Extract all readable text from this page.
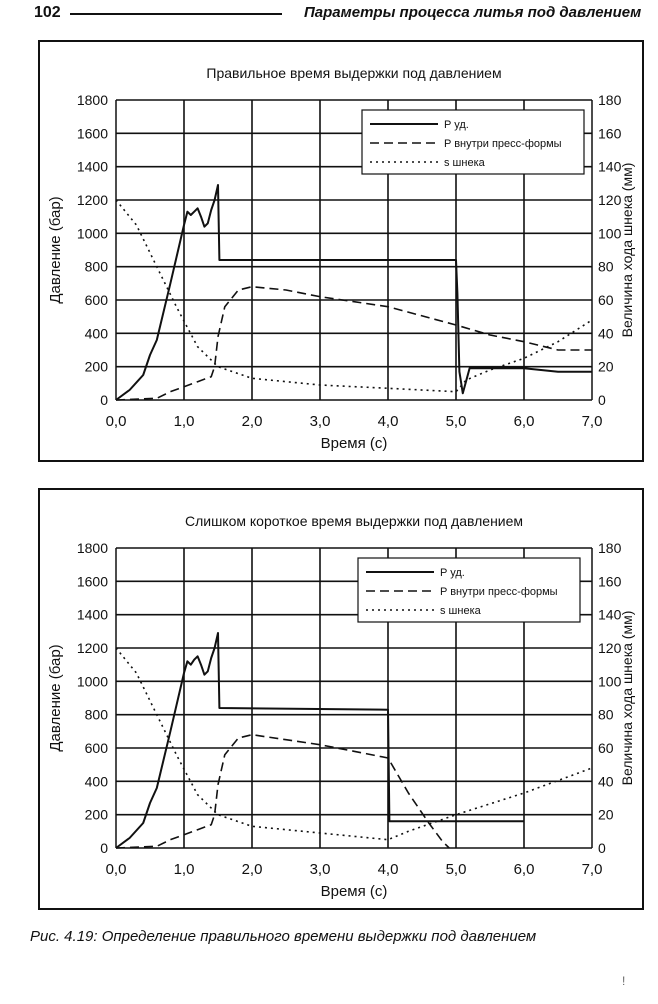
102	Параметры процесса литья под давлением
Правильное время выдержки под давлением
0,0	1,0	2,0	3,0	4,0	5,0	6,0	7,0
0
200
400
600
800
1000
1200
1400
1600
1800
0
20
40
60
80
100
120
140
160
180
Время (с)
Давление (бар)	Величина хода шнека (мм)
P уд.
P внутри пресс-формы
s шнека
Слишком короткое время выдержки под давлением
0,0	1,0	2,0	3,0	4,0	5,0	6,0	7,0
0
200
400
600
800
1000
1200
1400
1600
1800
0
20
40
60
80
100
120
140
160
180
Время (с)
Давление (бар)	Величина хода шнека (мм)
P уд.
P внутри пресс-формы
s шнека
Рис. 4.19: Определение правильного времени выдержки под давлением
!
